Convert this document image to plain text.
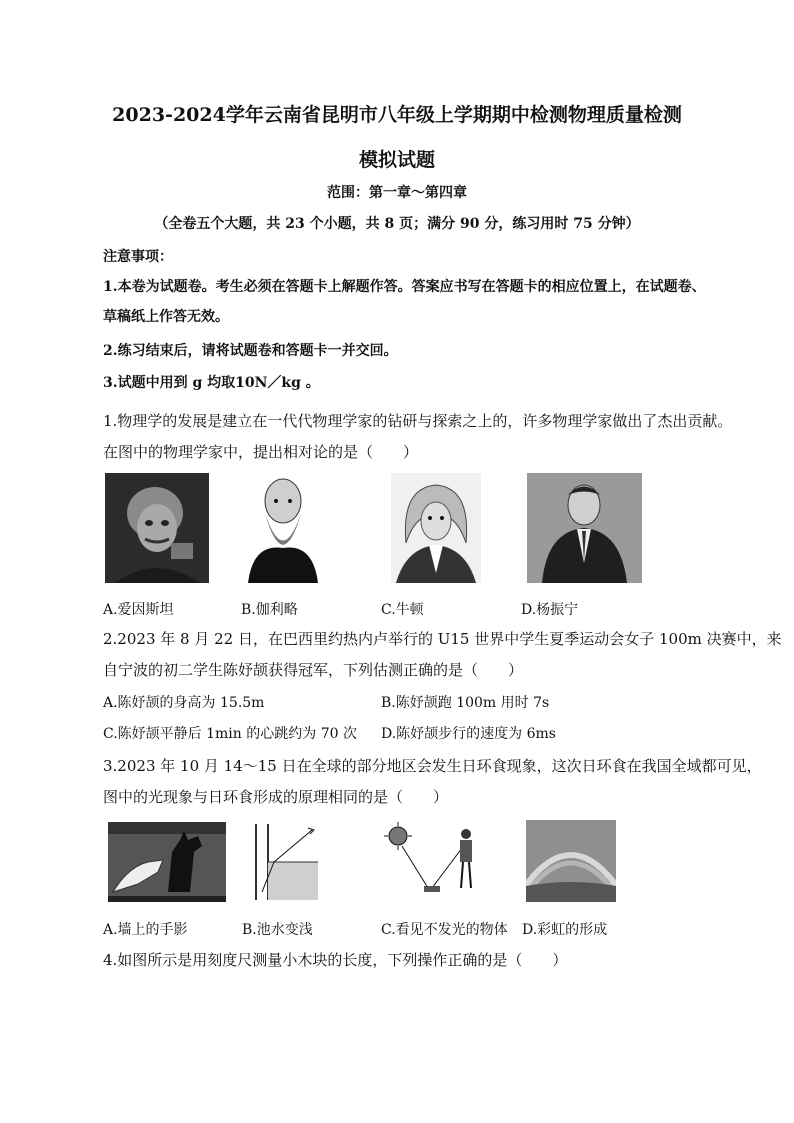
2023-2024学年云南省昆明市八年级上学期期中检测物理质量检测
模拟试题
范围：第一章～第四章
（全卷五个大题，共 23 个小题，共 8 页；满分 90 分，练习用时 75 分钟）
注意事项：
1.本卷为试题卷。考生必须在答题卡上解题作答。答案应书写在答题卡的相应位置上，在试题卷、
草稿纸上作答无效。
2.练习结束后，请将试题卷和答题卡一并交回。
3.试题中用到 g 均取10N／kg 。
1.物理学的发展是建立在一代代物理学家的钻研与探索之上的，许多物理学家做出了杰出贡献。
在图中的物理学家中，提出相对论的是（　　）
A.爱因斯坦	B.伽利略	C.牛顿	D.杨振宁
2.2023 年 8 月 22 日，在巴西里约热内卢举行的 U15 世界中学生夏季运动会女子 100m 决赛中，来
自宁波的初二学生陈妤颉获得冠军，下列估测正确的是（　　）
A.陈妤颉的身高为 15.5m	B.陈妤颉跑 100m 用时 7s
C.陈妤颉平静后 1min 的心跳约为 70 次 D.陈妤颉步行的速度为 6ms
3.2023 年 10 月 14～15 日在全球的部分地区会发生日环食现象，这次日环食在我国全域都可见，
图中的光现象与日环食形成的原理相同的是（　　）
A.墙上的手影	B.池水变浅	C.看见不发光的物体 D.彩虹的形成
4.如图所示是用刻度尺测量小木块的长度，下列操作正确的是（　　）
